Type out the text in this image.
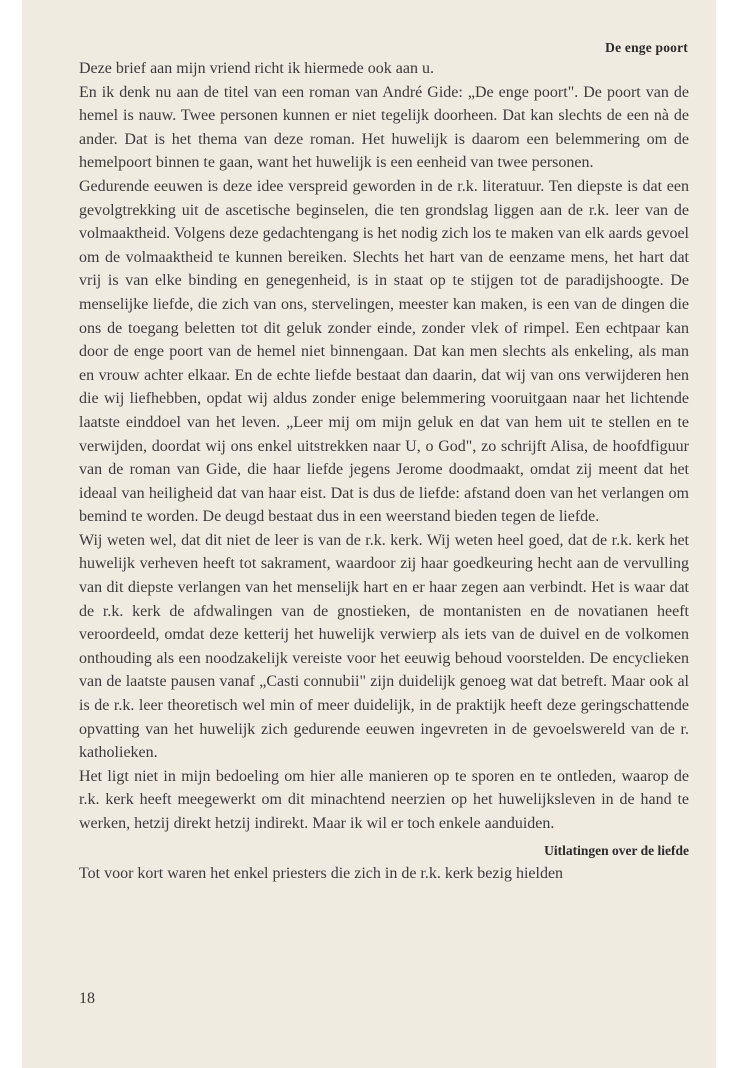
De enge poort

Deze brief aan mijn vriend richt ik hiermede ook aan u.

En ik denk nu aan de titel van een roman van André Gide: „De enge poort". De poort van de hemel is nauw. Twee personen kunnen er niet tegelijk doorheen. Dat kan slechts de een nà de ander. Dat is het thema van deze roman. Het huwelijk is daarom een belemmering om de hemelpoort binnen te gaan, want het huwelijk is een eenheid van twee personen.

Gedurende eeuwen is deze idee verspreid geworden in de r.k. literatuur. Ten diepste is dat een gevolgtrekking uit de ascetische beginselen, die ten grondslag liggen aan de r.k. leer van de volmaaktheid. Volgens deze gedachtengang is het nodig zich los te maken van elk aards gevoel om de volmaaktheid te kunnen bereiken. Slechts het hart van de eenzame mens, het hart dat vrij is van elke binding en genegenheid, is in staat op te stijgen tot de paradijshoogte. De menselijke liefde, die zich van ons, stervelingen, meester kan maken, is een van de dingen die ons de toegang beletten tot dit geluk zonder einde, zonder vlek of rimpel. Een echtpaar kan door de enge poort van de hemel niet binnengaan. Dat kan men slechts als enkeling, als man en vrouw achter elkaar. En de echte liefde bestaat dan daarin, dat wij van ons verwijderen hen die wij liefhebben, opdat wij aldus zonder enige belemmering vooruitgaan naar het lichtende laatste einddoel van het leven. „Leer mij om mijn geluk en dat van hem uit te stellen en te verwijden, doordat wij ons enkel uitstrekken naar U, o God", zo schrijft Alisa, de hoofdfiguur van de roman van Gide, die haar liefde jegens Jerome doodmaakt, omdat zij meent dat het ideaal van heiligheid dat van haar eist. Dat is dus de liefde: afstand doen van het verlangen om bemind te worden. De deugd bestaat dus in een weerstand bieden tegen de liefde.

Wij weten wel, dat dit niet de leer is van de r.k. kerk. Wij weten heel goed, dat de r.k. kerk het huwelijk verheven heeft tot sakrament, waardoor zij haar goedkeuring hecht aan de vervulling van dit diepste verlangen van het menselijk hart en er haar zegen aan verbindt. Het is waar dat de r.k. kerk de afdwalingen van de gnostieken, de montanisten en de novatianen heeft veroordeeld, omdat deze ketterij het huwelijk verwierp als iets van de duivel en de volkomen onthouding als een noodzakelijk vereiste voor het eeuwig behoud voorstelden. De encyclieken van de laatste pausen vanaf „Casti connubii" zijn duidelijk genoeg wat dat betreft. Maar ook al is de r.k. leer theoretisch wel min of meer duidelijk, in de praktijk heeft deze geringschattende opvatting van het huwelijk zich gedurende eeuwen ingevreten in de gevoelswereld van de r. katholieken.

Het ligt niet in mijn bedoeling om hier alle manieren op te sporen en te ontleden, waarop de r.k. kerk heeft meegewerkt om dit minachtend neerzien op het huwelijksleven in de hand te werken, hetzij direkt hetzij indirekt. Maar ik wil er toch enkele aanduiden.

Uitlatingen over de liefde

Tot voor kort waren het enkel priesters die zich in de r.k. kerk bezig hielden

18
